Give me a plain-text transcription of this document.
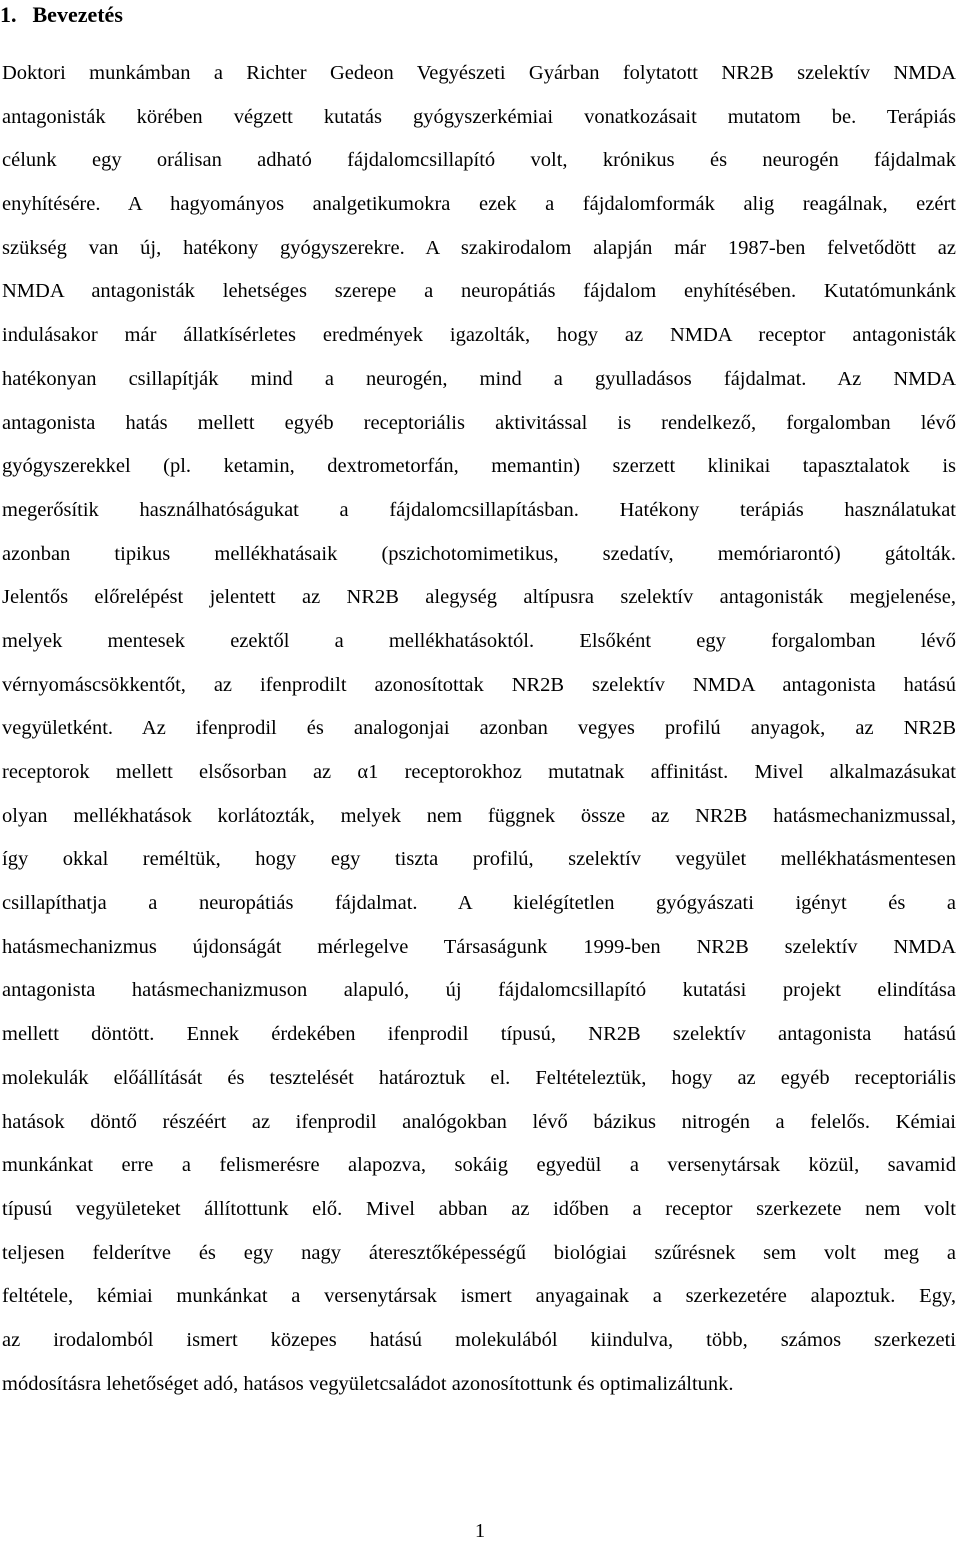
1. Bevezetés
Doktori munkámban a Richter Gedeon Vegyészeti Gyárban folytatott NR2B szelektív NMDA
antagonisták körében végzett kutatás gyógyszerkémiai vonatkozásait mutatom be. Terápiás
célunk egy orálisan adható fájdalomcsillapító volt, krónikus és neurogén fájdalmak
enyhítésére. A hagyományos analgetikumokra ezek a fájdalomformák alig reagálnak, ezért
szükség van új, hatékony gyógyszerekre. A szakirodalom alapján már 1987-ben felvetődött az
NMDA antagonisták lehetséges szerepe a neuropátiás fájdalom enyhítésében. Kutatómunkánk
indulásakor már állatkísérletes eredmények igazolták, hogy az NMDA receptor antagonisták
hatékonyan csillapítják mind a neurogén, mind a gyulladásos fájdalmat. Az NMDA
antagonista hatás mellett egyéb receptoriális aktivitással is rendelkező, forgalomban lévő
gyógyszerekkel (pl. ketamin, dextrometorfán, memantin) szerzett klinikai tapasztalatok is
megerősítik használhatóságukat a fájdalomcsillapításban. Hatékony terápiás használatukat
azonban tipikus mellékhatásaik (pszichotomimetikus, szedatív, memóriarontó) gátolták.
Jelentős előrelépést jelentett az NR2B alegység altípusra szelektív antagonisták megjelenése,
melyek mentesek ezektől a mellékhatásoktól. Elsőként egy forgalomban lévő
vérnyomáscsökkentőt, az ifenprodilt azonosítottak NR2B szelektív NMDA antagonista hatású
vegyületként. Az ifenprodil és analogonjai azonban vegyes profilú anyagok, az NR2B
receptorok mellett elsősorban az α1 receptorokhoz mutatnak affinitást. Mivel alkalmazásukat
olyan mellékhatások korlátozták, melyek nem függnek össze az NR2B hatásmechanizmussal,
így okkal reméltük, hogy egy tiszta profilú, szelektív vegyület mellékhatásmentesen
csillapíthatja a neuropátiás fájdalmat. A kielégítetlen gyógyászati igényt és a
hatásmechanizmus újdonságát mérlegelve Társaságunk 1999-ben NR2B szelektív NMDA
antagonista hatásmechanizmuson alapuló, új fájdalomcsillapító kutatási projekt elindítása
mellett döntött. Ennek érdekében ifenprodil típusú, NR2B szelektív antagonista hatású
molekulák előállítását és tesztelését határoztuk el. Feltételeztük, hogy az egyéb receptoriális
hatások döntő részéért az ifenprodil analógokban lévő bázikus nitrogén a felelős. Kémiai
munkánkat erre a felismerésre alapozva, sokáig egyedül a versenytársak közül, savamid
típusú vegyületeket állítottunk elő. Mivel abban az időben a receptor szerkezete nem volt
teljesen felderítve és egy nagy áteresztőképességű biológiai szűrésnek sem volt meg a
feltétele, kémiai munkánkat a versenytársak ismert anyagainak a szerkezetére alapoztuk. Egy,
az irodalomból ismert közepes hatású molekulából kiindulva, több, számos szerkezeti
módosításra lehetőséget adó, hatásos vegyületcsaládot azonosítottunk és optimalizáltunk.
1
